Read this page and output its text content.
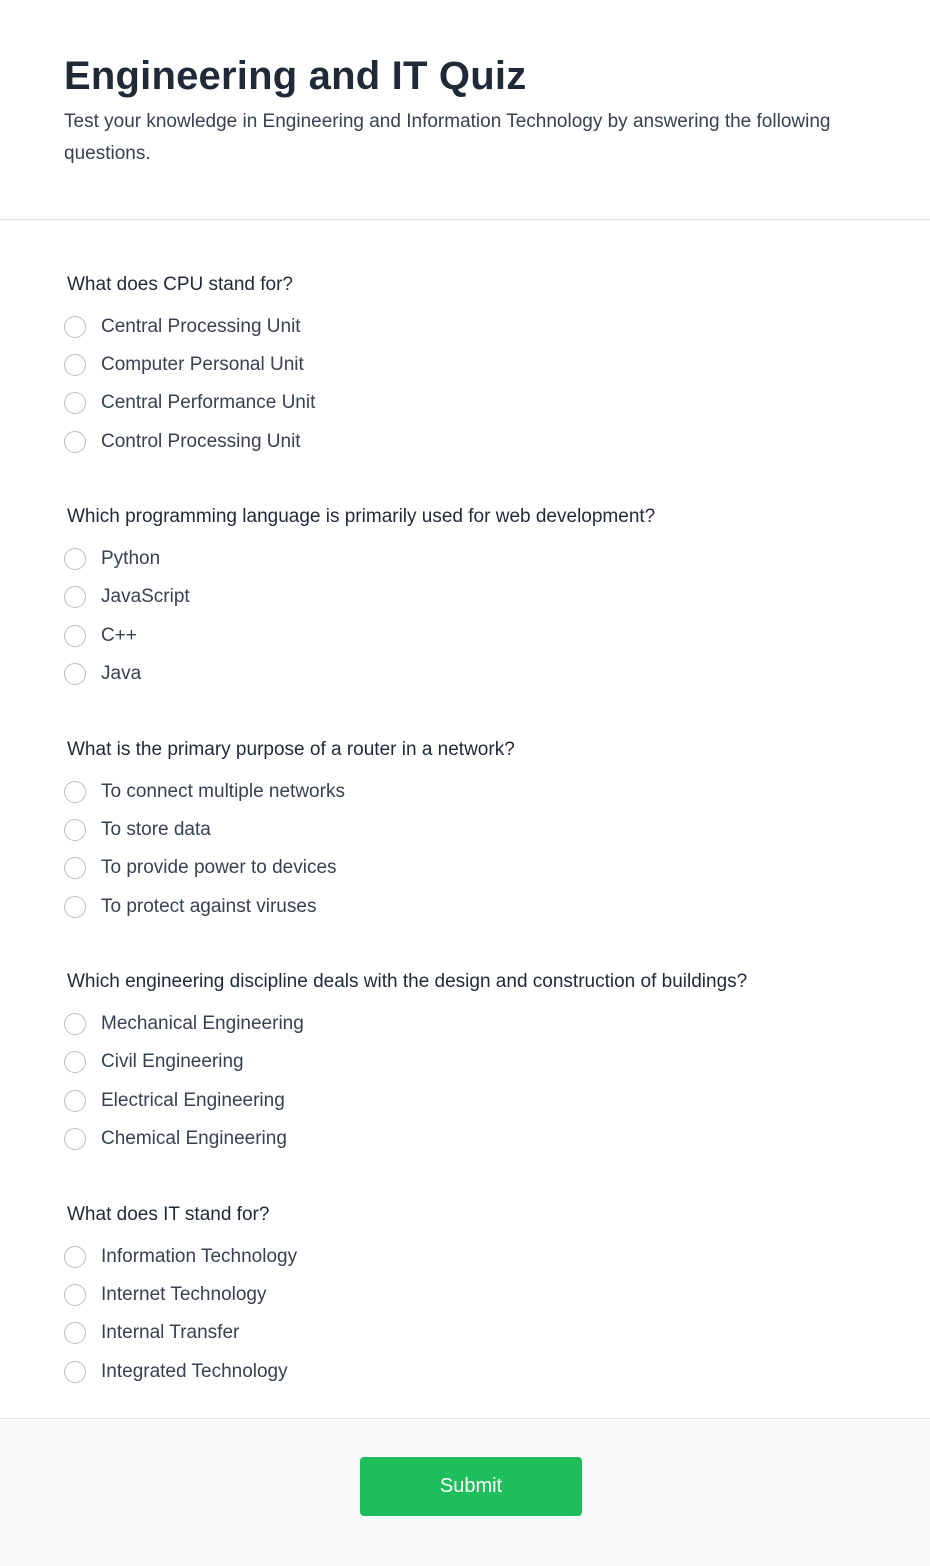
Engineering and IT Quiz

Test your knowledge in Engineering and Information Technology by answering the following questions.

What does CPU stand for?

Central Processing Unit
Computer Personal Unit
Central Performance Unit
Control Processing Unit

Which programming language is primarily used for web development?

Python
JavaScript
C++
Java

What is the primary purpose of a router in a network?

To connect multiple networks
To store data
To provide power to devices
To protect against viruses

Which engineering discipline deals with the design and construction of buildings?

Mechanical Engineering
Civil Engineering
Electrical Engineering
Chemical Engineering

What does IT stand for?

Information Technology
Internet Technology
Internal Transfer
Integrated Technology
Submit
